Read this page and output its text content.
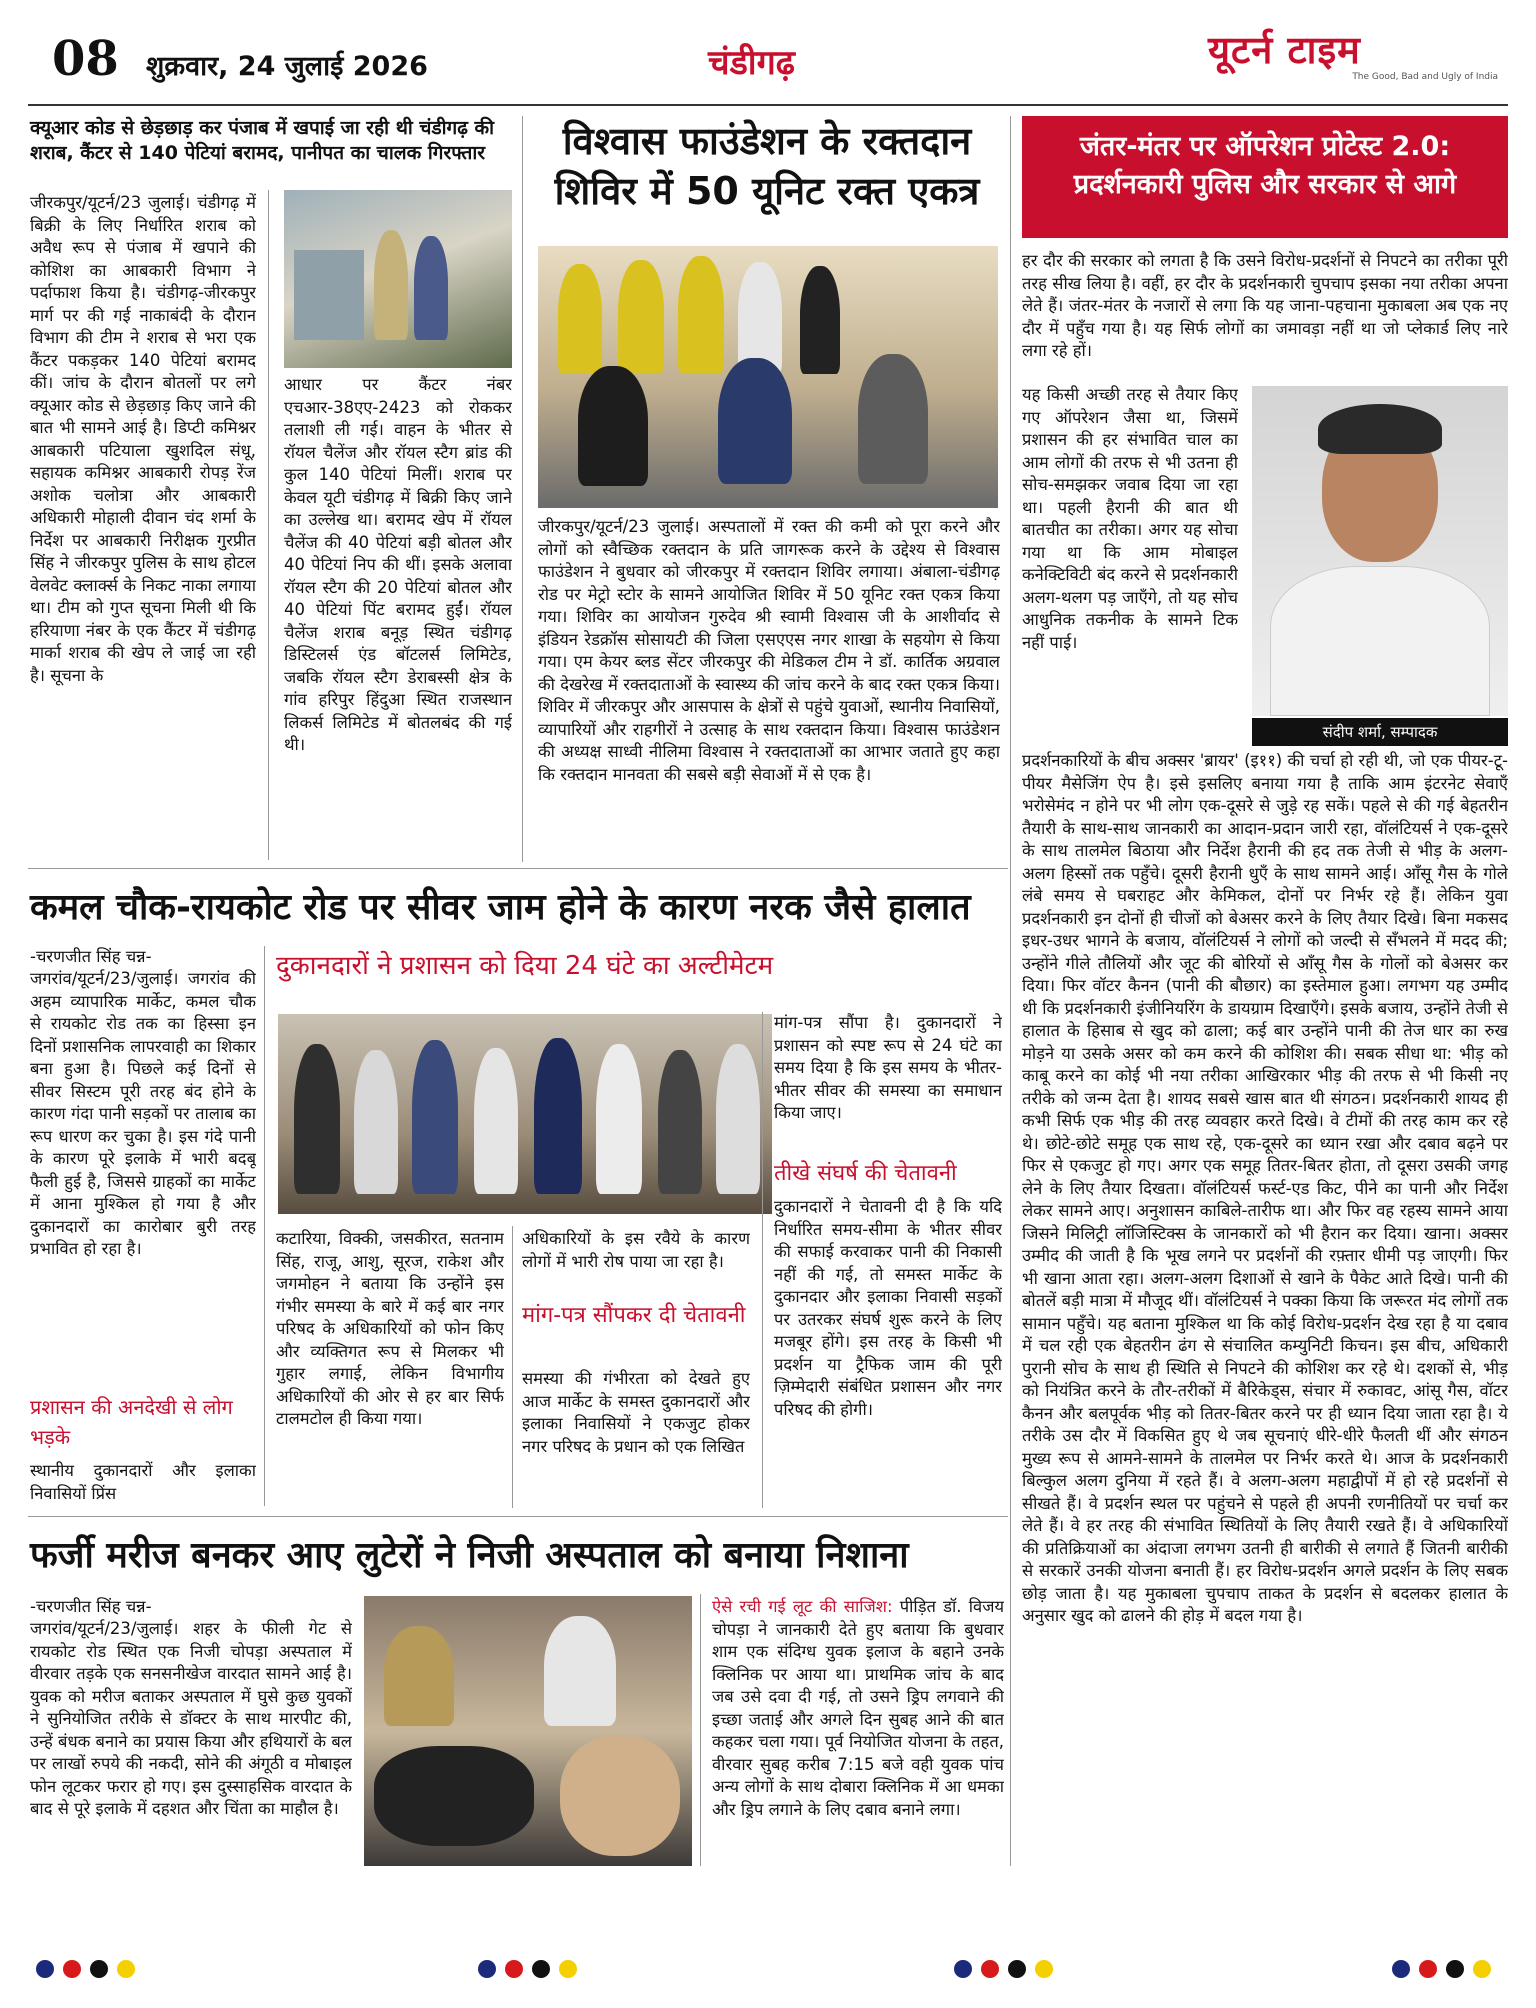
08 शुक्रवार, 24 जुलाई 2026	चंडीगढ़	यूटर्न टाइम
The Good, Bad and Ugly of India
क्यूआर कोड से छेड़छाड़ कर पंजाब में खपाई जा रही थी चंडीगढ़ की शराब, कैंटर से 140 पेटियां बरामद, पानीपत का चालक गिरफ्तार
जीरकपुर/यूटर्न/23 जुलाई। चंडीगढ़ में बिक्री के लिए निर्धारित शराब को अवैध रूप से पंजाब में खपाने की कोशिश का आबकारी विभाग ने पर्दाफाश किया है। चंडीगढ़-जीरकपुर मार्ग पर की गई नाकाबंदी के दौरान विभाग की टीम ने शराब से भरा एक कैंटर पकड़कर 140 पेटियां बरामद कीं। जांच के दौरान बोतलों पर लगे क्यूआर कोड से छेड़छाड़ किए जाने की बात भी सामने आई है। डिप्टी कमिश्नर आबकारी पटियाला खुशदिल संधू, सहायक कमिश्नर आबकारी रोपड़ रेंज अशोक चलोत्रा और आबकारी अधिकारी मोहाली दीवान चंद शर्मा के निर्देश पर आबकारी निरीक्षक गुरप्रीत सिंह ने जीरकपुर पुलिस के साथ होटल वेलवेट क्लार्क्स के निकट नाका लगाया था। टीम को गुप्त सूचना मिली थी कि हरियाणा नंबर के एक कैंटर में चंडीगढ़ मार्का शराब की खेप ले जाई जा रही है। सूचना के
आधार पर कैंटर नंबर एचआर-38एए-2423 को रोककर तलाशी ली गई। वाहन के भीतर से रॉयल चैलेंज और रॉयल स्टैग ब्रांड की कुल 140 पेटियां मिलीं। शराब पर केवल यूटी चंडीगढ़ में बिक्री किए जाने का उल्लेख था। बरामद खेप में रॉयल चैलेंज की 40 पेटियां बड़ी बोतल और 40 पेटियां निप की थीं। इसके अलावा रॉयल स्टैग की 20 पेटियां बोतल और 40 पेटियां पिंट बरामद हुईं। रॉयल चैलेंज शराब बनूड़ स्थित चंडीगढ़ डिस्टिलर्स एंड बॉटलर्स लिमिटेड, जबकि रॉयल स्टैग डेराबस्सी क्षेत्र के गांव हरिपुर हिंदुआ स्थित राजस्थान लिकर्स लिमिटेड में बोतलबंद की गई थी।
विश्वास फाउंडेशन के रक्तदान
शिविर में 50 यूनिट रक्त एकत्र
जीरकपुर/यूटर्न/23 जुलाई। अस्पतालों में रक्त की कमी को पूरा करने और लोगों को स्वैच्छिक रक्तदान के प्रति जागरूक करने के उद्देश्य से विश्वास फाउंडेशन ने बुधवार को जीरकपुर में रक्तदान शिविर लगाया। अंबाला-चंडीगढ़ रोड पर मेट्रो स्टोर के सामने आयोजित शिविर में 50 यूनिट रक्त एकत्र किया गया। शिविर का आयोजन गुरुदेव श्री स्वामी विश्वास जी के आशीर्वाद से इंडियन रेडक्रॉस सोसायटी की जिला एसएएस नगर शाखा के सहयोग से किया गया। एम केयर ब्लड सेंटर जीरकपुर की मेडिकल टीम ने डॉ. कार्तिक अग्रवाल की देखरेख में रक्तदाताओं के स्वास्थ्य की जांच करने के बाद रक्त एकत्र किया। शिविर में जीरकपुर और आसपास के क्षेत्रों से पहुंचे युवाओं, स्थानीय निवासियों, व्यापारियों और राहगीरों ने उत्साह के साथ रक्तदान किया। विश्वास फाउंडेशन की अध्यक्ष साध्वी नीलिमा विश्वास ने रक्तदाताओं का आभार जताते हुए कहा कि रक्तदान मानवता की सबसे बड़ी सेवाओं में से एक है।
जंतर-मंतर पर ऑपरेशन प्रोटेस्ट 2.0:
प्रदर्शनकारी पुलिस और सरकार से आगे
हर दौर की सरकार को लगता है कि उसने विरोध-प्रदर्शनों से निपटने का तरीका पूरी तरह सीख लिया है। वहीं, हर दौर के प्रदर्शनकारी चुपचाप इसका नया तरीका अपना लेते हैं। जंतर-मंतर के नजारों से लगा कि यह जाना-पहचाना मुकाबला अब एक नए दौर में पहुँच गया है। यह सिर्फ लोगों का जमावड़ा नहीं था जो प्लेकार्ड लिए नारे लगा रहे हों।
यह किसी अच्छी तरह से तैयार किए गए ऑपरेशन जैसा था, जिसमें प्रशासन की हर संभावित चाल का आम लोगों की तरफ से भी उतना ही सोच-समझकर जवाब दिया जा रहा था। पहली हैरानी की बात थी बातचीत का तरीका। अगर यह सोचा गया था कि आम मोबाइल कनेक्टिविटी बंद करने से प्रदर्शनकारी अलग-थलग पड़ जाएँगे, तो यह सोच आधुनिक तकनीक के सामने टिक नहीं पाई।
संदीप शर्मा, सम्पादक
प्रदर्शनकारियों के बीच अक्सर 'ब्रायर' (इ११) की चर्चा हो रही थी, जो एक पीयर-टू-पीयर मैसेजिंग ऐप है। इसे इसलिए बनाया गया है ताकि आम इंटरनेट सेवाएँ भरोसेमंद न होने पर भी लोग एक-दूसरे से जुड़े रह सकें। पहले से की गई बेहतरीन तैयारी के साथ-साथ जानकारी का आदान-प्रदान जारी रहा, वॉलंटियर्स ने एक-दूसरे के साथ तालमेल बिठाया और निर्देश हैरानी की हद तक तेजी से भीड़ के अलग-अलग हिस्सों तक पहुँचे। दूसरी हैरानी धुएँ के साथ सामने आई। आँसू गैस के गोले लंबे समय से घबराहट और केमिकल, दोनों पर निर्भर रहे हैं। लेकिन युवा प्रदर्शनकारी इन दोनों ही चीजों को बेअसर करने के लिए तैयार दिखे। बिना मकसद इधर-उधर भागने के बजाय, वॉलंटियर्स ने लोगों को जल्दी से सँभलने में मदद की; उन्होंने गीले तौलियों और जूट की बोरियों से आँसू गैस के गोलों को बेअसर कर दिया। फिर वॉटर कैनन (पानी की बौछार) का इस्तेमाल हुआ। लगभग यह उम्मीद थी कि प्रदर्शनकारी इंजीनियरिंग के डायग्राम दिखाएँगे। इसके बजाय, उन्होंने तेजी से हालात के हिसाब से खुद को ढाला; कई बार उन्होंने पानी की तेज धार का रुख मोड़ने या उसके असर को कम करने की कोशिश की। सबक सीधा था: भीड़ को काबू करने का कोई भी नया तरीका आखिरकार भीड़ की तरफ से भी किसी नए तरीके को जन्म देता है। शायद सबसे खास बात थी संगठन। प्रदर्शनकारी शायद ही कभी सिर्फ एक भीड़ की तरह व्यवहार करते दिखे। वे टीमों की तरह काम कर रहे थे। छोटे-छोटे समूह एक साथ रहे, एक-दूसरे का ध्यान रखा और दबाव बढ़ने पर फिर से एकजुट हो गए। अगर एक समूह तितर-बितर होता, तो दूसरा उसकी जगह लेने के लिए तैयार दिखता। वॉलंटियर्स फर्स्ट-एड किट, पीने का पानी और निर्देश लेकर सामने आए। अनुशासन काबिले-तारीफ था। और फिर वह रहस्य सामने आया जिसने मिलिट्री लॉजिस्टिक्स के जानकारों को भी हैरान कर दिया। खाना। अक्सर उम्मीद की जाती है कि भूख लगने पर प्रदर्शनों की रफ़्तार धीमी पड़ जाएगी। फिर भी खाना आता रहा। अलग-अलग दिशाओं से खाने के पैकेट आते दिखे। पानी की बोतलें बड़ी मात्रा में मौजूद थीं। वॉलंटियर्स ने पक्का किया कि जरूरत मंद लोगों तक सामान पहुँचे। यह बताना मुश्किल था कि कोई विरोध-प्रदर्शन देख रहा है या दबाव में चल रही एक बेहतरीन ढंग से संचालित कम्युनिटी किचन। इस बीच, अधिकारी पुरानी सोच के साथ ही स्थिति से निपटने की कोशिश कर रहे थे। दशकों से, भीड़ को नियंत्रित करने के तौर-तरीकों में बैरिकेड्स, संचार में रुकावट, आंसू गैस, वॉटर कैनन और बलपूर्वक भीड़ को तितर-बितर करने पर ही ध्यान दिया जाता रहा है। ये तरीके उस दौर में विकसित हुए थे जब सूचनाएं धीरे-धीरे फैलती थीं और संगठन मुख्य रूप से आमने-सामने के तालमेल पर निर्भर करते थे। आज के प्रदर्शनकारी बिल्कुल अलग दुनिया में रहते हैं। वे अलग-अलग महाद्वीपों में हो रहे प्रदर्शनों से सीखते हैं। वे प्रदर्शन स्थल पर पहुंचने से पहले ही अपनी रणनीतियों पर चर्चा कर लेते हैं। वे हर तरह की संभावित स्थितियों के लिए तैयारी रखते हैं। वे अधिकारियों की प्रतिक्रियाओं का अंदाजा लगभग उतनी ही बारीकी से लगाते हैं जितनी बारीकी से सरकारें उनकी योजना बनाती हैं। हर विरोध-प्रदर्शन अगले प्रदर्शन के लिए सबक छोड़ जाता है। यह मुकाबला चुपचाप ताकत के प्रदर्शन से बदलकर हालात के अनुसार खुद को ढालने की होड़ में बदल गया है।
कमल चौक-रायकोट रोड पर सीवर जाम होने के कारण नरक जैसे हालात
-चरणजीत सिंह चन्न-
जगरांव/यूटर्न/23/जुलाई। जगरांव की अहम व्यापारिक मार्केट, कमल चौक से रायकोट रोड तक का हिस्सा इन दिनों प्रशासनिक लापरवाही का शिकार बना हुआ है। पिछले कई दिनों से सीवर सिस्टम पूरी तरह बंद होने के कारण गंदा पानी सड़कों पर तालाब का रूप धारण कर चुका है। इस गंदे पानी के कारण पूरे इलाके में भारी बदबू फैली हुई है, जिससे ग्राहकों का मार्केट में आना मुश्किल हो गया है और दुकानदारों का कारोबार बुरी तरह प्रभावित हो रहा है।
प्रशासन की अनदेखी से लोग भड़के
स्थानीय दुकानदारों और इलाका निवासियों प्रिंस
दुकानदारों ने प्रशासन को दिया 24 घंटे का अल्टीमेटम
कटारिया, विक्की, जसकीरत, सतनाम सिंह, राजू, आशु, सूरज, राकेश और जगमोहन ने बताया कि उन्होंने इस गंभीर समस्या के बारे में कई बार नगर परिषद के अधिकारियों को फोन किए और व्यक्तिगत रूप से मिलकर भी गुहार लगाई, लेकिन विभागीय अधिकारियों की ओर से हर बार सिर्फ टालमटोल ही किया गया।
अधिकारियों के इस रवैये के कारण लोगों में भारी रोष पाया जा रहा है।
मांग-पत्र सौंपकर दी चेतावनी
समस्या की गंभीरता को देखते हुए आज मार्केट के समस्त दुकानदारों और इलाका निवासियों ने एकजुट होकर नगर परिषद के प्रधान को एक लिखित
मांग-पत्र सौंपा है। दुकानदारों ने प्रशासन को स्पष्ट रूप से 24 घंटे का समय दिया है कि इस समय के भीतर-भीतर सीवर की समस्या का समाधान किया जाए।
तीखे संघर्ष की चेतावनी
दुकानदारों ने चेतावनी दी है कि यदि निर्धारित समय-सीमा के भीतर सीवर की सफाई करवाकर पानी की निकासी नहीं की गई, तो समस्त मार्केट के दुकानदार और इलाका निवासी सड़कों पर उतरकर संघर्ष शुरू करने के लिए मजबूर होंगे। इस तरह के किसी भी प्रदर्शन या ट्रैफिक जाम की पूरी ज़िम्मेदारी संबंधित प्रशासन और नगर परिषद की होगी।
फर्जी मरीज बनकर आए लुटेरों ने निजी अस्पताल को बनाया निशाना
-चरणजीत सिंह चन्न-
जगरांव/यूटर्न/23/जुलाई। शहर के फीली गेट से रायकोट रोड स्थित एक निजी चोपड़ा अस्पताल में वीरवार तड़के एक सनसनीखेज वारदात सामने आई है। युवक को मरीज बताकर अस्पताल में घुसे कुछ युवकों ने सुनियोजित तरीके से डॉक्टर के साथ मारपीट की, उन्हें बंधक बनाने का प्रयास किया और हथियारों के बल पर लाखों रुपये की नकदी, सोने की अंगूठी व मोबाइल फोन लूटकर फरार हो गए। इस दुस्साहसिक वारदात के बाद से पूरे इलाके में दहशत और चिंता का माहौल है।
ऐसे रची गई लूट की साजिश: पीड़ित डॉ. विजय चोपड़ा ने जानकारी देते हुए बताया कि बुधवार शाम एक संदिग्ध युवक इलाज के बहाने उनके क्लिनिक पर आया था। प्राथमिक जांच के बाद जब उसे दवा दी गई, तो उसने ड्रिप लगवाने की इच्छा जताई और अगले दिन सुबह आने की बात कहकर चला गया। पूर्व नियोजित योजना के तहत, वीरवार सुबह करीब 7:15 बजे वही युवक पांच अन्य लोगों के साथ दोबारा क्लिनिक में आ धमका और ड्रिप लगाने के लिए दबाव बनाने लगा।
